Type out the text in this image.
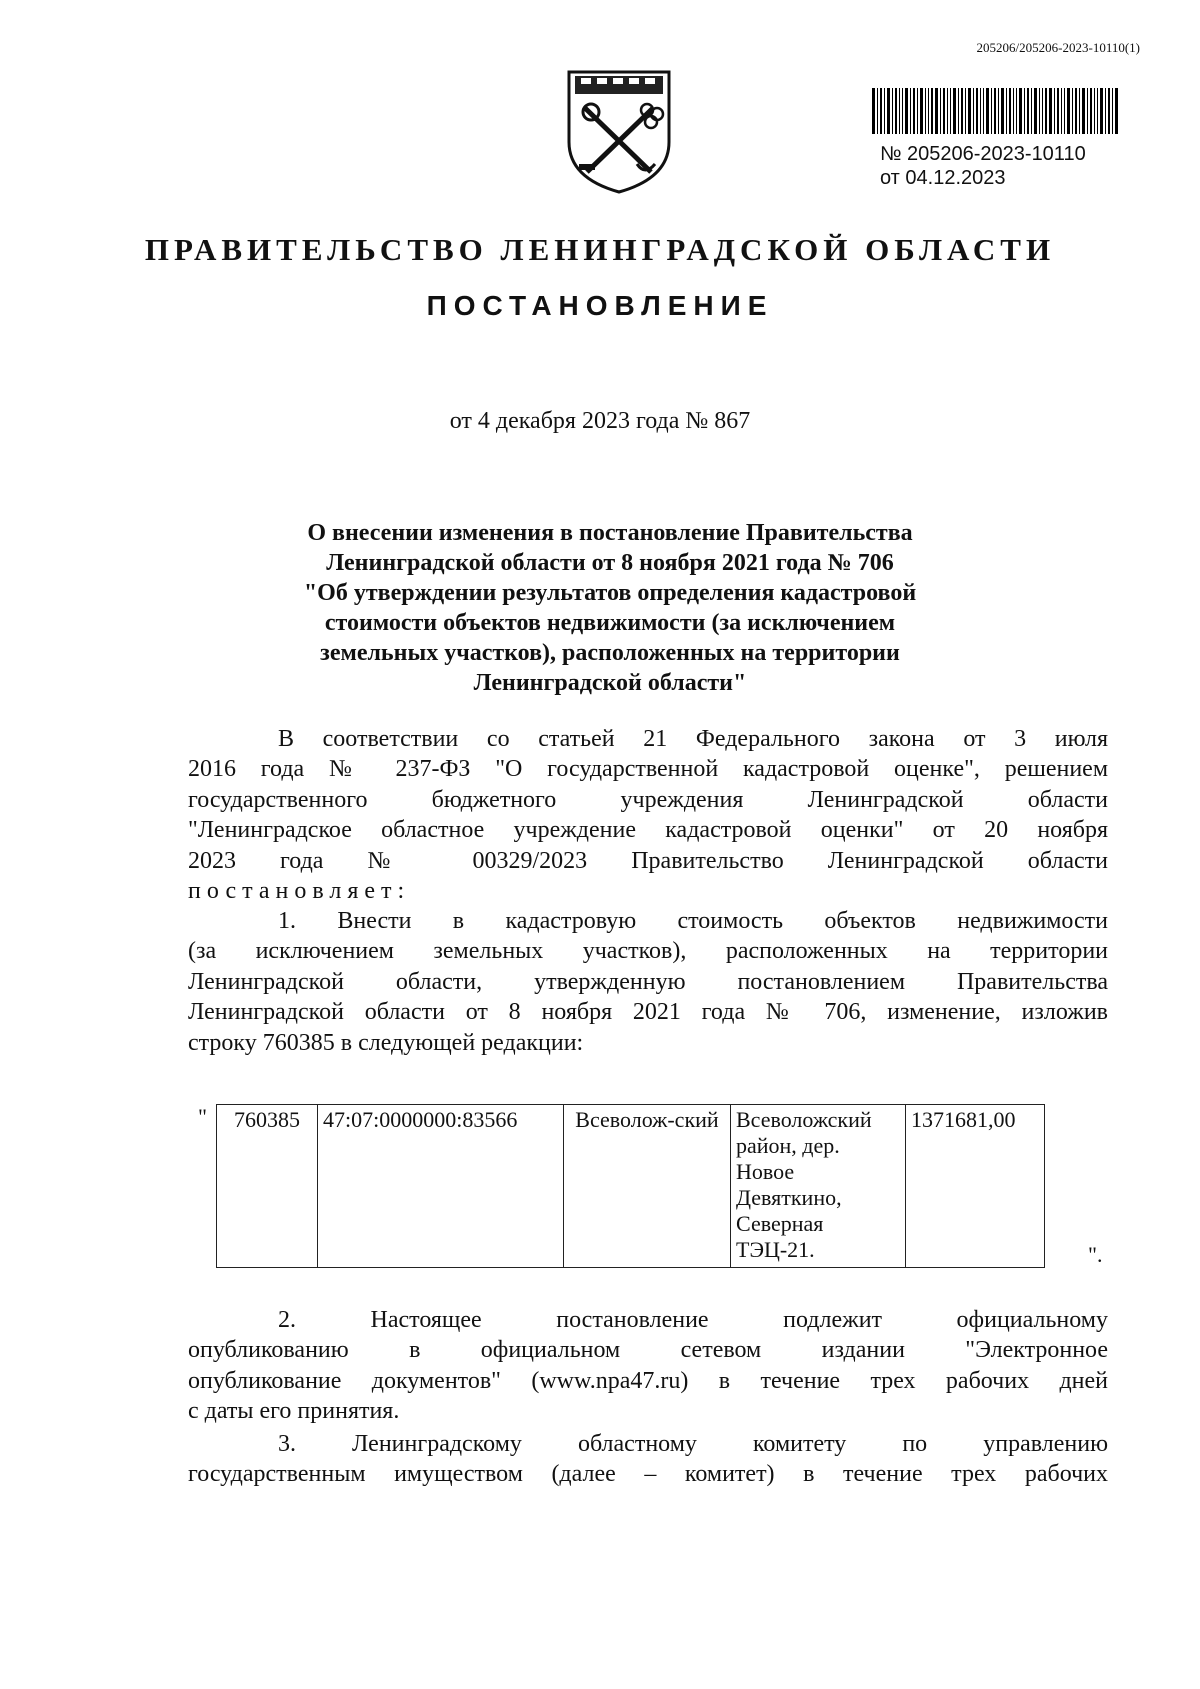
205206/205206-2023-10110(1)
№ 205206-2023-10110
от 04.12.2023
ПРАВИТЕЛЬСТВО ЛЕНИНГРАДСКОЙ ОБЛАСТИ
ПОСТАНОВЛЕНИЕ
от 4 декабря 2023 года № 867
О внесении изменения в постановление Правительства
Ленинградской области от 8 ноября 2021 года № 706
"Об утверждении результатов определения кадастровой
стоимости объектов недвижимости (за исключением
земельных участков), расположенных на территории
Ленинградской области"
В соответствии со статьей 21 Федерального закона от 3 июля
2016 года № 237-ФЗ "О государственной кадастровой оценке", решением
государственного бюджетного учреждения Ленинградской области
"Ленинградское областное учреждение кадастровой оценки" от 20 ноября
2023 года № 00329/2023 Правительство Ленинградской области
постановляет:
1. Внести в кадастровую стоимость объектов недвижимости
(за исключением земельных участков), расположенных на территории
Ленинградской области, утвержденную постановлением Правительства
Ленинградской области от 8 ноября 2021 года № 706, изменение, изложив
строку 760385 в следующей редакции:
" 760385	47:07:0000000:83566	Всеволож-ский	Всеволожский район, дер. Новое Девяткино, Северная ТЭЦ-21.	1371681,00
".
2. Настоящее постановление подлежит официальному
опубликованию в официальном сетевом издании "Электронное
опубликование документов" (www.npa47.ru) в течение трех рабочих дней
с даты его принятия.
3. Ленинградскому областному комитету по управлению
государственным имуществом (далее – комитет) в течение трех рабочих
